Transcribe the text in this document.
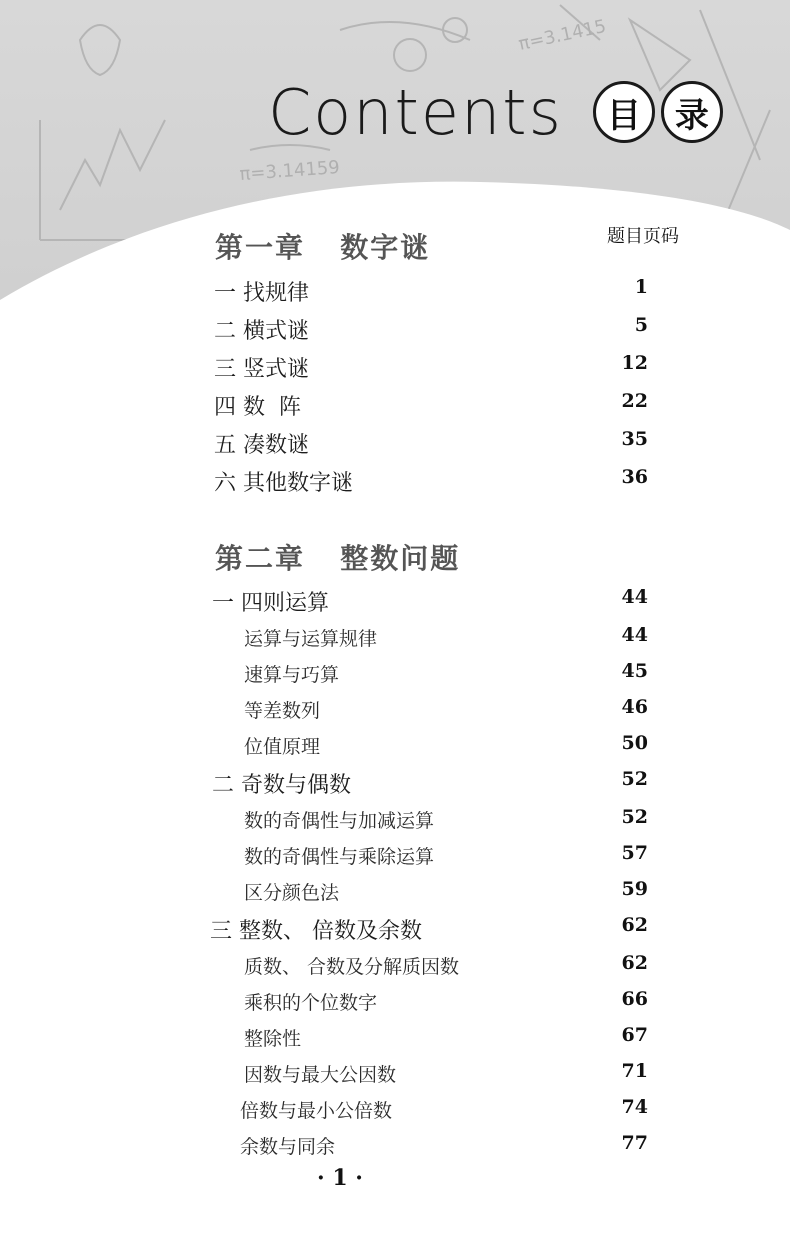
π=3.14159
π=3.1415
Contents	目	录
题目页码
第一章   数字谜
一 找规律	1
二 横式谜	5
三 竖式谜	12
四 数  阵	22
五 凑数谜	35
六 其他数字谜	36
第二章   整数问题
一 四则运算	44
运算与运算规律	44
速算与巧算	45
等差数列	46
位值原理	50
二 奇数与偶数	52
数的奇偶性与加减运算	52
数的奇偶性与乘除运算	57
区分颜色法	59
三 整数、 倍数及余数	62
质数、 合数及分解质因数	62
乘积的个位数字	66
整除性	67
因数与最大公因数	71
倍数与最小公倍数	74
余数与同余	77
· 1 ·
